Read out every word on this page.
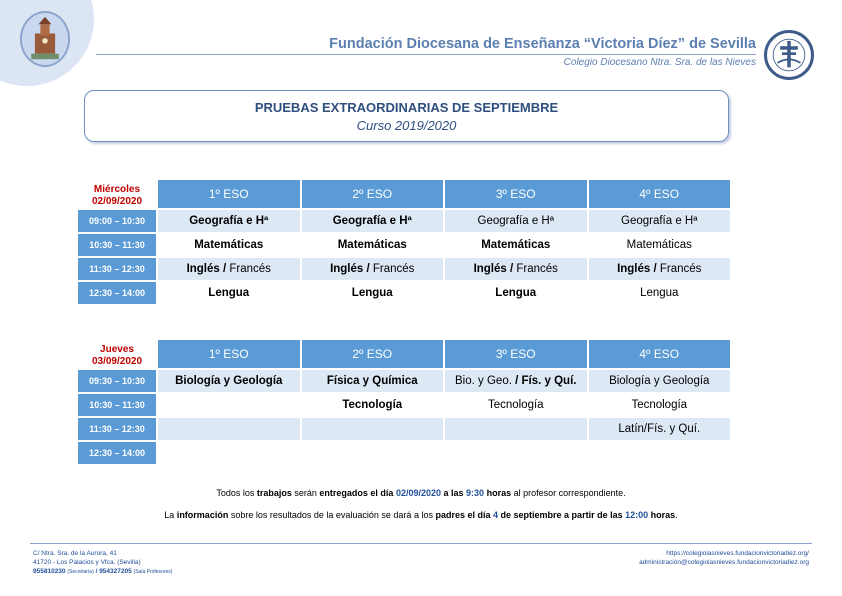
Fundación Diocesana de Enseñanza “Victoria Díez” de Sevilla
Colegio Diocesano Ntra. Sra. de las Nieves
PRUEBAS EXTRAORDINARIAS DE SEPTIEMBRE
Curso 2019/2020
Miércoles
02/09/2020	1º ESO	2º ESO	3º ESO	4º ESO
09:00 – 10:30	Geografía e Hª	Geografía e Hª	Geografía e Hª	Geografía e Hª
10:30 – 11:30	Matemáticas	Matemáticas	Matemáticas	Matemáticas
11:30 – 12:30	Inglés / Francés	Inglés / Francés	Inglés / Francés	Inglés / Francés
12:30 – 14:00	Lengua	Lengua	Lengua	Lengua
Jueves
03/09/2020	1º ESO	2º ESO	3º ESO	4º ESO
09:30 – 10:30	Biología y Geología	Física y Química	Bio. y Geo. / Fís. y Quí.	Biología y Geología
10:30 – 11:30		Tecnología	Tecnología	Tecnología
11:30 – 12:30				Latín/Fís. y Quí.
12:30 – 14:00				
Todos los trabajos serán entregados el día 02/09/2020 a las 9:30 horas al profesor correspondiente.
La información sobre los resultados de la evaluación se dará a los padres el día 4 de septiembre a partir de las 12:00 horas.
C/ Ntra. Sra. de la Aurora, 41
41720 - Los Palacios y Vfca. (Sevilla)
955810230 (Secretaría) / 954327205 (Sala Profesores)
https://colegiolasnieves.fundacionvictoriadiez.org/
administración@colegiolasnieves.fundacionvictoriadiez.org
